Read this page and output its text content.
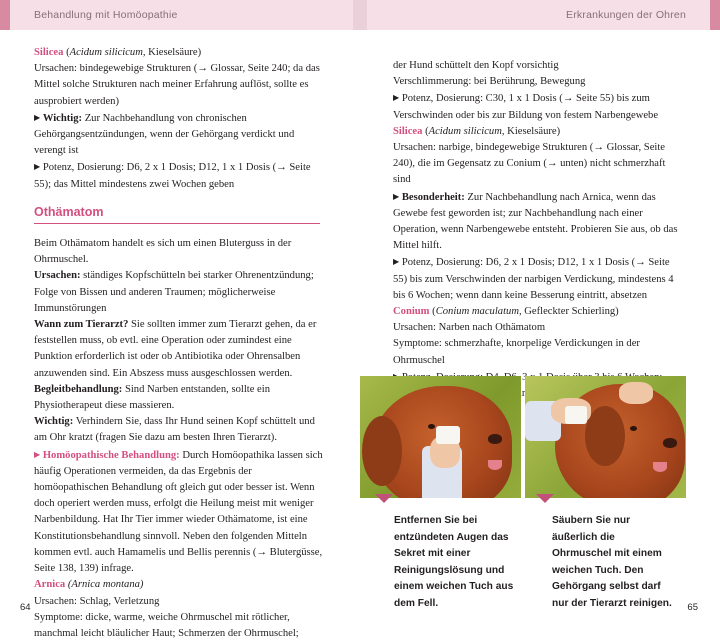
Behandlung mit Homöopathie	Erkrankungen der Ohren

Silicea (Acidum silicicum, Kieselsäure)

Ursachen: bindegewebige Strukturen (→ Glossar, Seite 240; da das Mittel solche Strukturen nach meiner Erfahrung auflöst, sollte es ausprobiert werden)

▶ Wichtig: Zur Nachbehandlung von chronischen Gehörgangsentzündungen, wenn der Gehörgang verdickt und verengt ist

▶ Potenz, Dosierung: D6, 2 x 1 Dosis; D12, 1 x 1 Dosis (→ Seite 55); das Mittel mindestens zwei Wochen geben

Othämatom

Beim Othämatom handelt es sich um einen Bluterguss in der Ohrmuschel.

Ursachen: ständiges Kopfschütteln bei starker Ohrenentzündung; Folge von Bissen und anderen Traumen; möglicherweise Immunstörungen

Wann zum Tierarzt? Sie sollten immer zum Tierarzt gehen, da er feststellen muss, ob evtl. eine Operation oder zumindest eine Punktion erforderlich ist oder ob Antibiotika oder Ohrensalben anzuwenden sind. Ein Abszess muss ausgeschlossen werden.

Begleitbehandlung: Sind Narben entstanden, sollte ein Physiotherapeut diese massieren.

Wichtig: Verhindern Sie, dass Ihr Hund seinen Kopf schüttelt und am Ohr kratzt (fragen Sie dazu am besten Ihren Tierarzt).

▶ Homöopathische Behandlung: Durch Homöopathika lassen sich häufig Operationen vermeiden, da das Ergebnis der homöopathischen Behandlung oft gleich gut oder besser ist. Wenn doch operiert werden muss, erfolgt die Heilung meist mit weniger Narbenbildung. Hat Ihr Tier immer wieder Othämatome, ist eine Konstitutionsbehandlung sinnvoll. Neben den folgenden Mitteln kommen evtl. auch Hamamelis und Bellis perennis (→ Blutergüsse, Seite 138, 139) infrage.

Arnica (Arnica montana)

Ursachen: Schlag, Verletzung

Symptome: dicke, warme, weiche Ohrmuschel mit rötlicher, manchmal leicht bläulicher Haut; Schmerzen der Ohrmuschel;

der Hund schüttelt den Kopf vorsichtig

Verschlimmerung: bei Berührung, Bewegung

▶ Potenz, Dosierung: C30, 1 x 1 Dosis (→ Seite 55) bis zum Verschwinden oder bis zur Bildung von festem Narbengewebe

Silicea (Acidum silicicum, Kieselsäure)

Ursachen: narbige, bindegewebige Strukturen (→ Glossar, Seite 240), die im Gegensatz zu Conium (→ unten) nicht schmerzhaft sind

▶ Besonderheit: Zur Nachbehandlung nach Arnica, wenn das Gewebe fest geworden ist; zur Nachbehandlung nach einer Operation, wenn Narbengewebe entsteht. Probieren Sie aus, ob das Mittel hilft.

▶ Potenz, Dosierung: D6, 2 x 1 Dosis; D12, 1 x 1 Dosis (→ Seite 55) bis zum Verschwinden der narbigen Verdickung, mindestens 4 bis 6 Wochen; wenn dann keine Besserung eintritt, absetzen

Conium (Conium maculatum, Gefleckter Schierling)

Ursachen: Narben nach Othämatom

Symptome: schmerzhafte, knorpelige Verdickungen in der Ohrmuschel

Entfernen Sie bei entzündeten Augen das Sekret mit einer Reinigungslösung und einem weichen Tuch aus dem Fell.
Säubern Sie nur äußerlich die Ohrmuschel mit einem weichen Tuch. Den Gehörgang selbst darf nur der Tierarzt reinigen.
64	65
